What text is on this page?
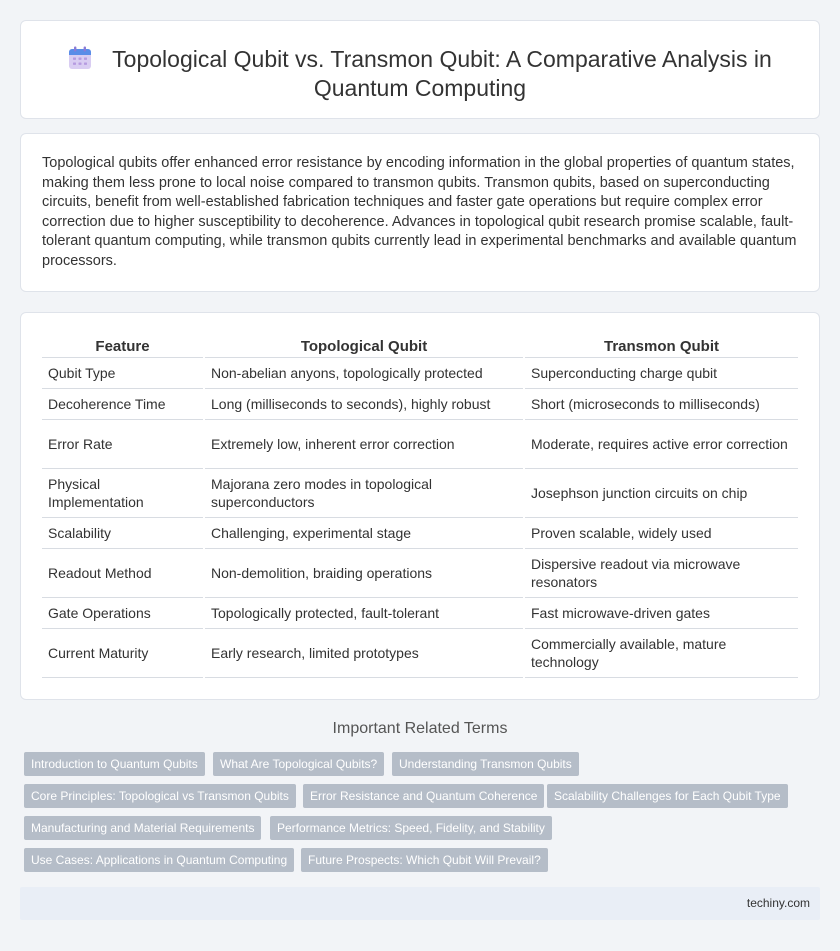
Topological Qubit vs. Transmon Qubit: A Comparative Analysis in Quantum Computing

Topological qubits offer enhanced error resistance by encoding information in the global properties of quantum states, making them less prone to local noise compared to transmon qubits. Transmon qubits, based on superconducting circuits, benefit from well-established fabrication techniques and faster gate operations but require complex error correction due to higher susceptibility to decoherence. Advances in topological qubit research promise scalable, fault-tolerant quantum computing, while transmon qubits currently lead in experimental benchmarks and available quantum processors.

Feature	Topological Qubit	Transmon Qubit
Qubit Type	Non-abelian anyons, topologically protected	Superconducting charge qubit
Decoherence Time	Long (milliseconds to seconds), highly robust	Short (microseconds to milliseconds)
Error Rate	Extremely low, inherent error correction	Moderate, requires active error correction
Physical Implementation	Majorana zero modes in topological superconductors	Josephson junction circuits on chip
Scalability	Challenging, experimental stage	Proven scalable, widely used
Readout Method	Non-demolition, braiding operations	Dispersive readout via microwave resonators
Gate Operations	Topologically protected, fault-tolerant	Fast microwave-driven gates
Current Maturity	Early research, limited prototypes	Commercially available, mature technology
Important Related Terms
Introduction to Quantum Qubits	What Are Topological Qubits?	Understanding Transmon Qubits
Core Principles: Topological vs Transmon Qubits	Error Resistance and Quantum Coherence	Scalability Challenges for Each Qubit Type
Manufacturing and Material Requirements	Performance Metrics: Speed, Fidelity, and Stability
Use Cases: Applications in Quantum Computing	Future Prospects: Which Qubit Will Prevail?
techiny.com
